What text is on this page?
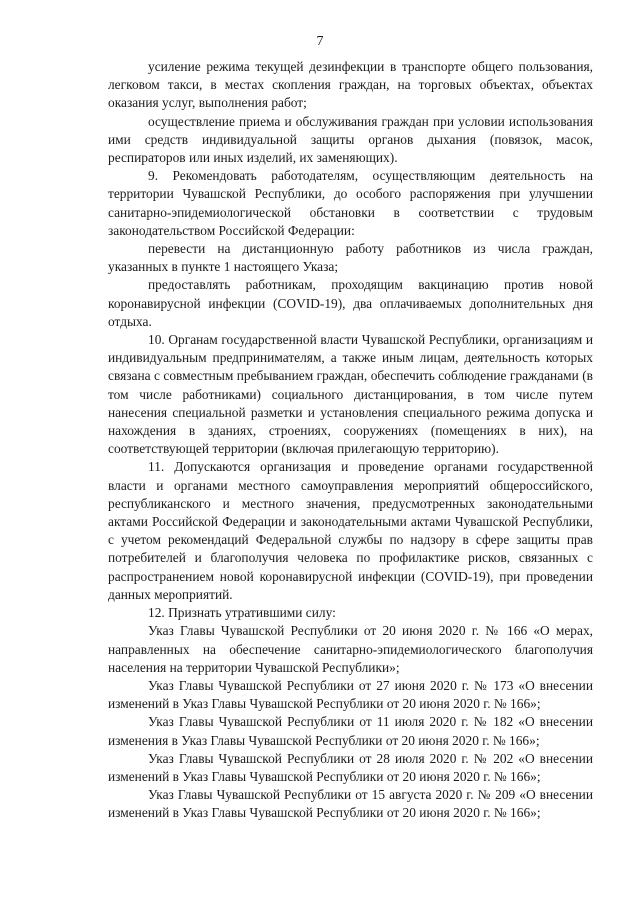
7

усиление режима текущей дезинфекции в транспорте общего пользования, легковом такси, в местах скопления граждан, на торговых объектах, объектах оказания услуг, выполнения работ;

осуществление приема и обслуживания граждан при условии использования ими средств индивидуальной защиты органов дыхания (повязок, масок, респираторов или иных изделий, их заменяющих).

9. Рекомендовать работодателям, осуществляющим деятельность на территории Чувашской Республики, до особого распоряжения при улучшении санитарно-эпидемиологической обстановки в соответствии с трудовым законодательством Российской Федерации:

перевести на дистанционную работу работников из числа граждан, указанных в пункте 1 настоящего Указа;

предоставлять работникам, проходящим вакцинацию против новой коронавирусной инфекции (COVID-19), два оплачиваемых дополнительных дня отдыха.

10. Органам государственной власти Чувашской Республики, организациям и индивидуальным предпринимателям, а также иным лицам, деятельность которых связана с совместным пребыванием граждан, обеспечить соблюдение гражданами (в том числе работниками) социального дистанцирования, в том числе путем нанесения специальной разметки и установления специального режима допуска и нахождения в зданиях, строениях, сооружениях (помещениях в них), на соответствующей территории (включая прилегающую территорию).

11. Допускаются организация и проведение органами государственной власти и органами местного самоуправления мероприятий общероссийского, республиканского и местного значения, предусмотренных законодательными актами Российской Федерации и законодательными актами Чувашской Республики, с учетом рекомендаций Федеральной службы по надзору в сфере защиты прав потребителей и благополучия человека по профилактике рисков, связанных с распространением новой коронавирусной инфекции (COVID-19), при проведении данных мероприятий.

12. Признать утратившими силу:

Указ Главы Чувашской Республики от 20 июня 2020 г. № 166 «О мерах, направленных на обеспечение санитарно-эпидемиологического благополучия населения на территории Чувашской Республики»;

Указ Главы Чувашской Республики от 27 июня 2020 г. № 173 «О внесении изменений в Указ Главы Чувашской Республики от 20 июня 2020 г. № 166»;

Указ Главы Чувашской Республики от 11 июля 2020 г. № 182 «О внесении изменения в Указ Главы Чувашской Республики от 20 июня 2020 г. № 166»;

Указ Главы Чувашской Республики от 28 июля 2020 г. № 202 «О внесении изменений в Указ Главы Чувашской Республики от 20 июня 2020 г. № 166»;

Указ Главы Чувашской Республики от 15 августа 2020 г. № 209 «О внесении изменений в Указ Главы Чувашской Республики от 20 июня 2020 г. № 166»;
